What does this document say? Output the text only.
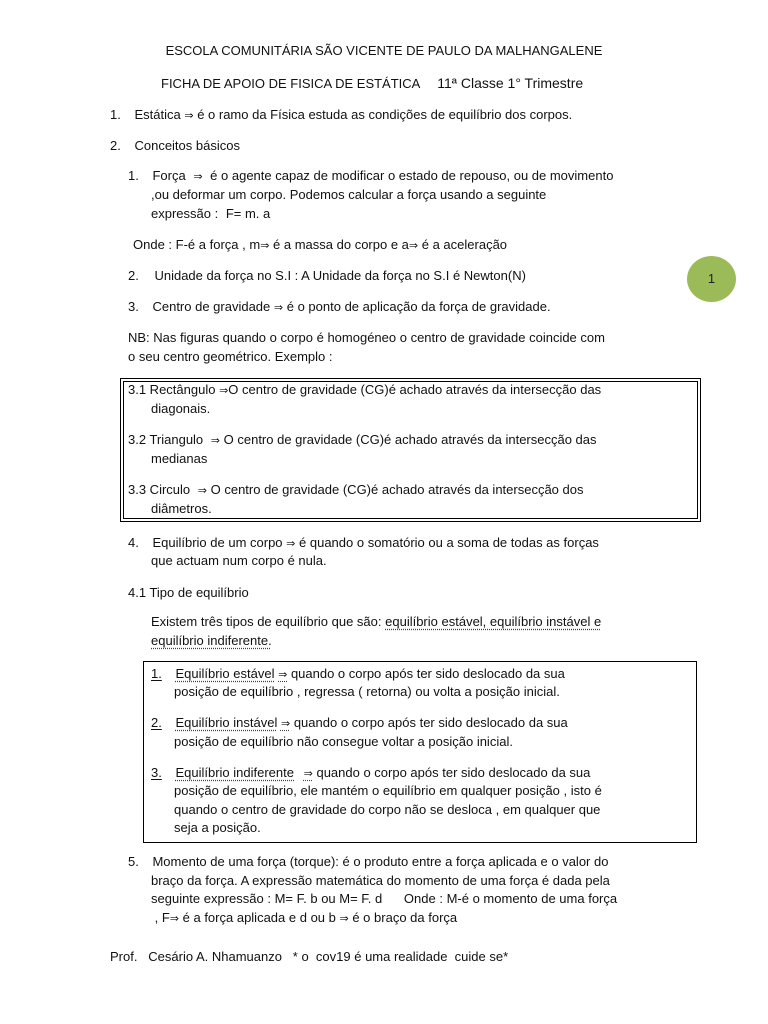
ESCOLA COMUNITÁRIA SÃO VICENTE DE PAULO DA MALHANGALENE
FICHA DE APOIO DE FISICA DE ESTÁTICA 11ª Classe 1° Trimestre
1
1. Estática ⇒ é o ramo da Física estuda as condições de equilíbrio dos corpos.
2. Conceitos básicos
1. Força ⇒ é o agente capaz de modificar o estado de repouso, ou de movimento
,ou deformar um corpo. Podemos calcular a força usando a seguinte
expressão : F= m. a
Onde : F-é a força , m⇒ é a massa do corpo e a⇒ é a aceleração
2. Unidade da força no S.I : A Unidade da força no S.I é Newton(N)
3. Centro de gravidade ⇒ é o ponto de aplicação da força de gravidade.
NB: Nas figuras quando o corpo é homogéneo o centro de gravidade coincide com
o seu centro geométrico. Exemplo :
3.1 Rectângulo ⇒O centro de gravidade (CG)é achado através da intersecção das
diagonais.
3.2 Triangulo ⇒ O centro de gravidade (CG)é achado através da intersecção das
medianas
3.3 Circulo ⇒ O centro de gravidade (CG)é achado através da intersecção dos
diâmetros.
4. Equilíbrio de um corpo ⇒ é quando o somatório ou a soma de todas as forças
que actuam num corpo é nula.
4.1 Tipo de equilíbrio
Existem três tipos de equilíbrio que são: equilíbrio estável, equilíbrio instável e
equilíbrio indiferente.
1. Equilíbrio estável ⇒ quando o corpo após ter sido deslocado da sua
posição de equilíbrio , regressa ( retorna) ou volta a posição inicial.
2. Equilíbrio instável ⇒ quando o corpo após ter sido deslocado da sua
posição de equilíbrio não consegue voltar a posição inicial.
3. Equilíbrio indiferente ⇒ quando o corpo após ter sido deslocado da sua
posição de equilíbrio, ele mantém o equilíbrio em qualquer posição , isto é
quando o centro de gravidade do corpo não se desloca , em qualquer que
seja a posição.
5. Momento de uma força (torque): é o produto entre a força aplicada e o valor do
braço da força. A expressão matemática do momento de uma força é dada pela
seguinte expressão : M= F. b ou M= F. d      Onde : M-é o momento de uma força
, F⇒ é a força aplicada e d ou b ⇒ é o braço da força
Prof.   Cesário A. Nhamuanzo   * o  cov19 é uma realidade  cuide se*
